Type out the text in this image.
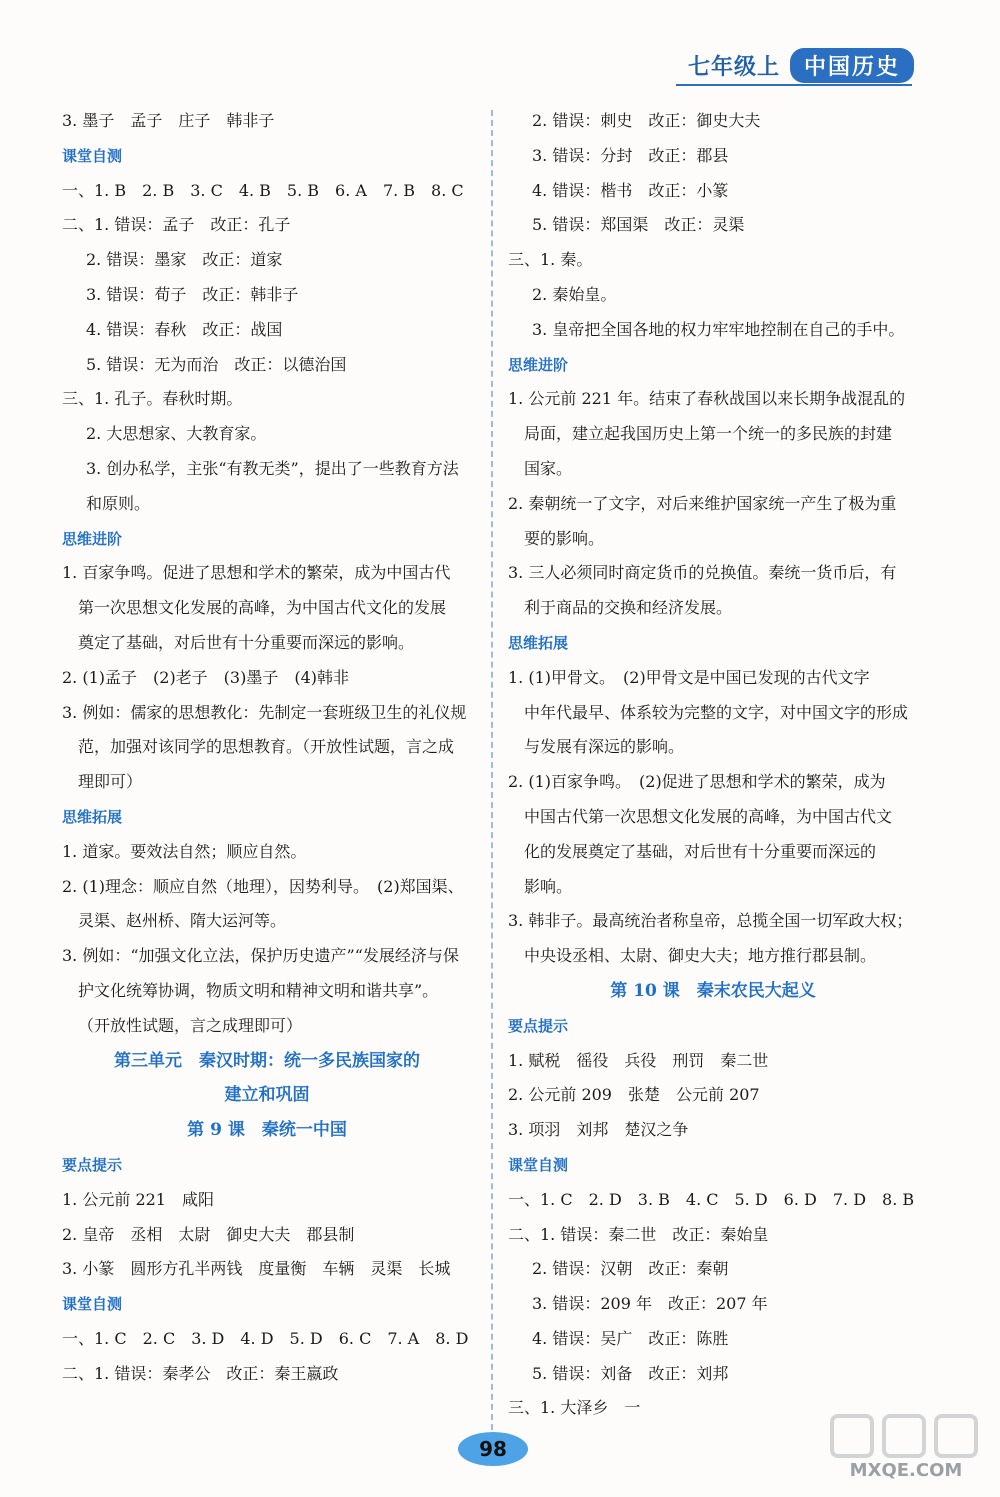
七年级上	中国历史
3. 墨子　孟子　庄子　韩非子
课堂自测
一、1. B　2. B　3. C　4. B　5. B　6. A　7. B　8. C
二、1. 错误：孟子　改正：孔子
2. 错误：墨家　改正：道家
3. 错误：荀子　改正：韩非子
4. 错误：春秋　改正：战国
5. 错误：无为而治　改正：以德治国
三、1. 孔子。春秋时期。
2. 大思想家、大教育家。
3. 创办私学，主张“有教无类”，提出了一些教育方法
和原则。
思维进阶
1. 百家争鸣。促进了思想和学术的繁荣，成为中国古代
第一次思想文化发展的高峰，为中国古代文化的发展
奠定了基础，对后世有十分重要而深远的影响。
2. (1)孟子　(2)老子　(3)墨子　(4)韩非
3. 例如：儒家的思想教化：先制定一套班级卫生的礼仪规
范，加强对该同学的思想教育。（开放性试题，言之成
理即可）
思维拓展
1. 道家。要效法自然；顺应自然。
2. (1)理念：顺应自然（地理），因势利导。　(2)郑国渠、
灵渠、赵州桥、隋大运河等。
3. 例如：“加强文化立法，保护历史遗产”“发展经济与保
护文化统筹协调，物质文明和精神文明和谐共享”。
（开放性试题，言之成理即可）
第三单元　秦汉时期：统一多民族国家的
建立和巩固
第 9 课　秦统一中国
要点提示
1. 公元前 221　咸阳
2. 皇帝　丞相　太尉　御史大夫　郡县制
3. 小篆　圆形方孔半两钱　度量衡　车辆　灵渠　长城
课堂自测
一、1. C　2. C　3. D　4. D　5. D　6. C　7. A　8. D
二、1. 错误：秦孝公　改正：秦王嬴政
2. 错误：刺史　改正：御史大夫
3. 错误：分封　改正：郡县
4. 错误：楷书　改正：小篆
5. 错误：郑国渠　改正：灵渠
三、1. 秦。
2. 秦始皇。
3. 皇帝把全国各地的权力牢牢地控制在自己的手中。
思维进阶
1. 公元前 221 年。结束了春秋战国以来长期争战混乱的
局面，建立起我国历史上第一个统一的多民族的封建
国家。
2. 秦朝统一了文字，对后来维护国家统一产生了极为重
要的影响。
3. 三人必须同时商定货币的兑换值。秦统一货币后，有
利于商品的交换和经济发展。
思维拓展
1. (1)甲骨文。　(2)甲骨文是中国已发现的古代文字
中年代最早、体系较为完整的文字，对中国文字的形成
与发展有深远的影响。
2. (1)百家争鸣。　(2)促进了思想和学术的繁荣，成为
中国古代第一次思想文化发展的高峰，为中国古代文
化的发展奠定了基础，对后世有十分重要而深远的
影响。
3. 韩非子。最高统治者称皇帝，总揽全国一切军政大权；
中央设丞相、太尉、御史大夫；地方推行郡县制。
第 10 课　秦末农民大起义
要点提示
1. 赋税　徭役　兵役　刑罚　秦二世
2. 公元前 209　张楚　公元前 207
3. 项羽　刘邦　楚汉之争
课堂自测
一、1. C　2. D　3. B　4. C　5. D　6. D　7. D　8. B
二、1. 错误：秦二世　改正：秦始皇
2. 错误：汉朝　改正：秦朝
3. 错误：209 年　改正：207 年
4. 错误：吴广　改正：陈胜
5. 错误：刘备　改正：刘邦
三、1. 大泽乡　一
98
MXQE.COM
